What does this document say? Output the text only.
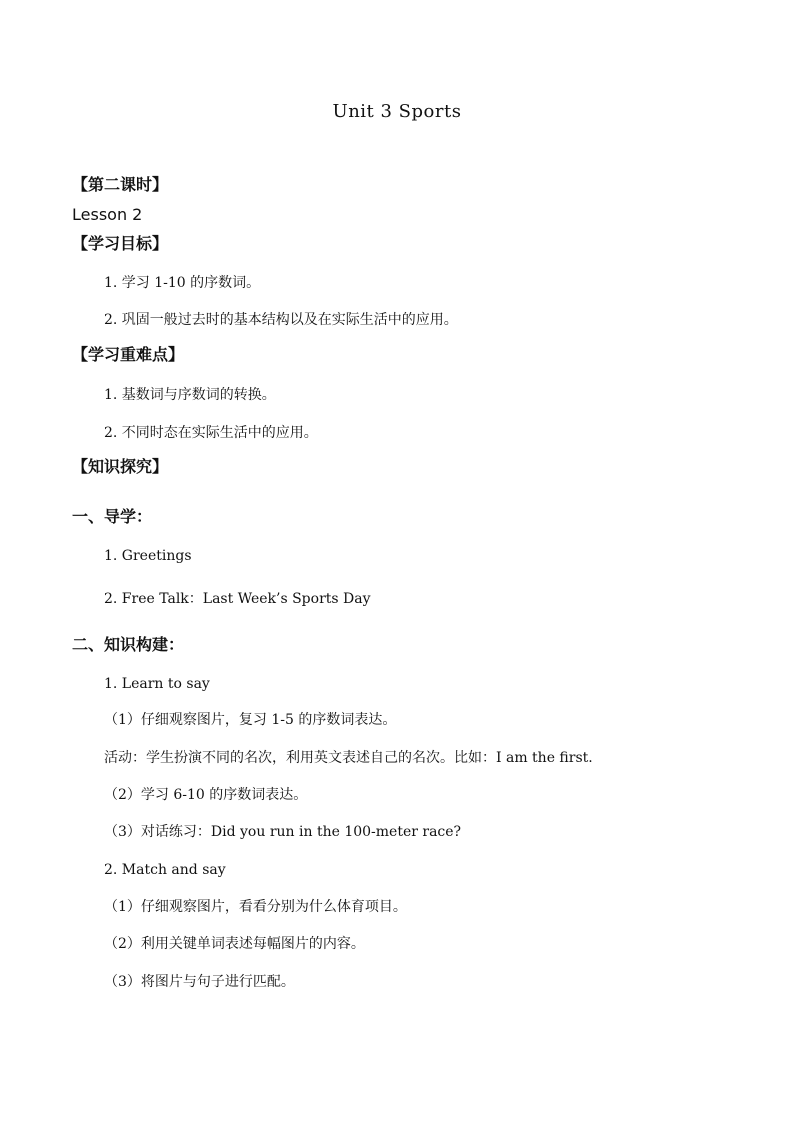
Unit 3 Sports
【第二课时】
Lesson 2
【学习目标】
1. 学习 1-10 的序数词。
2. 巩固一般过去时的基本结构以及在实际生活中的应用。
【学习重难点】
1. 基数词与序数词的转换。
2. 不同时态在实际生活中的应用。
【知识探究】
一、导学：
1. Greetings
2. Free Talk：Last Week’s Sports Day
二、知识构建：
1. Learn to say
（1）仔细观察图片，复习 1-5 的序数词表达。
活动：学生扮演不同的名次，利用英文表述自己的名次。比如：I am the first.
（2）学习 6-10 的序数词表达。
（3）对话练习：Did you run in the 100-meter race?
2. Match and say
（1）仔细观察图片，看看分别为什么体育项目。
（2）利用关键单词表述每幅图片的内容。
（3）将图片与句子进行匹配。
